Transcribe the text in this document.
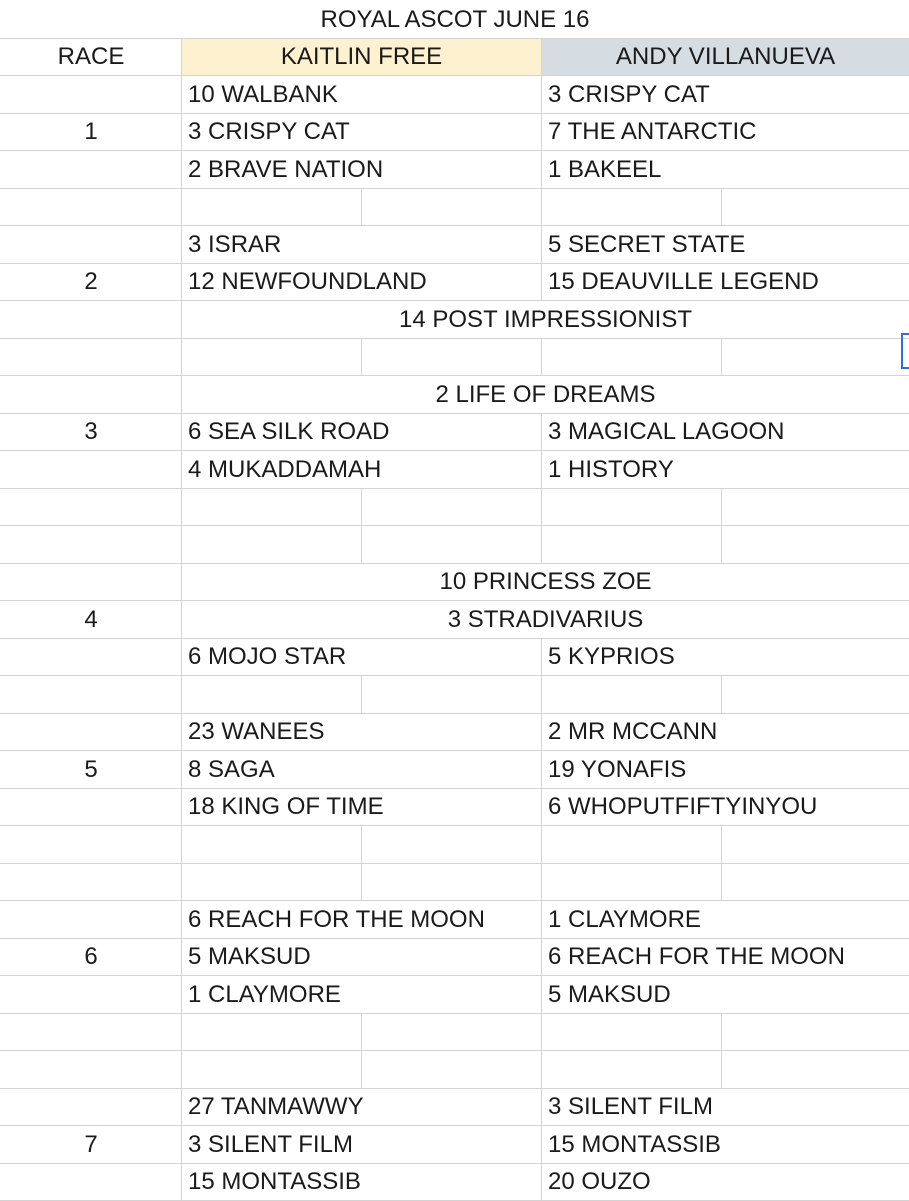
ROYAL ASCOT JUNE 16
RACE	KAITLIN FREE	ANDY VILLANUEVA
1
10 WALBANK	3 CRISPY CAT
3 CRISPY CAT	7 THE ANTARCTIC
2 BRAVE NATION	1 BAKEEL
2
3 ISRAR	5 SECRET STATE
12 NEWFOUNDLAND	15 DEAUVILLE LEGEND
14 POST IMPRESSIONIST
3
2 LIFE OF DREAMS
6 SEA SILK ROAD	3 MAGICAL LAGOON
4 MUKADDAMAH	1 HISTORY
4
10 PRINCESS ZOE
3 STRADIVARIUS
6 MOJO STAR	5 KYPRIOS
5
23 WANEES	2 MR MCCANN
8 SAGA	19 YONAFIS
18 KING OF TIME	6 WHOPUTFIFTYINYOU
6
6 REACH FOR THE MOON	1 CLAYMORE
5 MAKSUD	6 REACH FOR THE MOON
1 CLAYMORE	5 MAKSUD
7
27 TANMAWWY	3 SILENT FILM
3 SILENT FILM	15 MONTASSIB
15 MONTASSIB	20 OUZO
